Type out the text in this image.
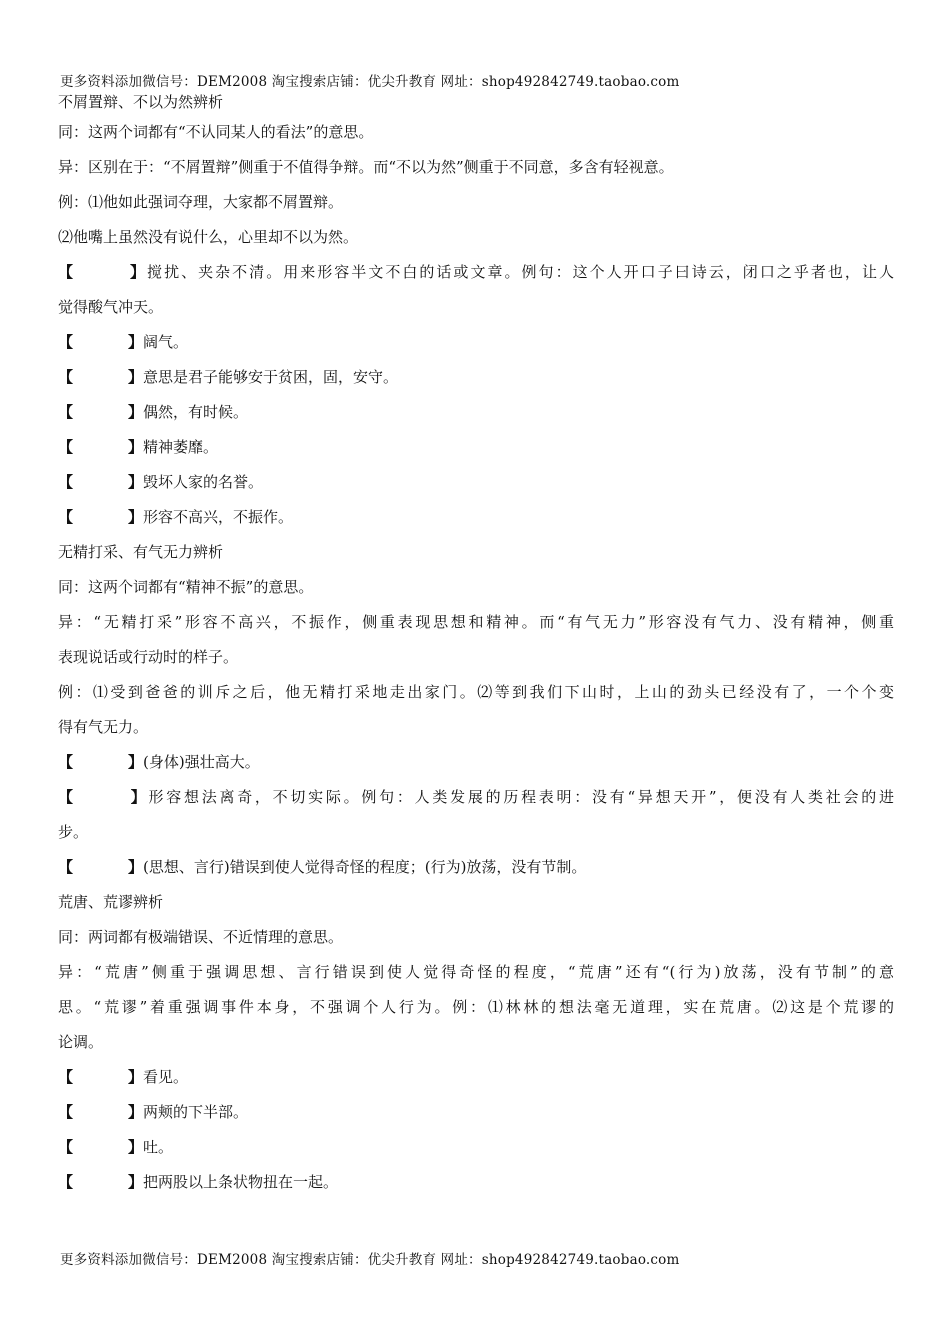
更多资料添加微信号：DEM2008 淘宝搜索店铺：优尖升教育 网址：shop492842749.taobao.com
不屑置辩、不以为然辨析
同：这两个词都有“不认同某人的看法”的意思。
异：区别在于：“不屑置辩”侧重于不值得争辩。而“不以为然”侧重于不同意，多含有轻视意。
例：⑴他如此强词夺理，大家都不屑置辩。
⑵他嘴上虽然没有说什么，心里却不以为然。
【	】搅扰、夹杂不清。用来形容半文不白的话或文章。例句：这个人开口子曰诗云，闭口之乎者也，让人
觉得酸气冲天。
【	】阔气。
【	】意思是君子能够安于贫困，固，安守。
【	】偶然，有时候。
【	】精神萎靡。
【	】毁坏人家的名誉。
【	】形容不高兴，不振作。
无精打采、有气无力辨析
同：这两个词都有“精神不振”的意思。
异：“无精打采”形容不高兴，不振作，侧重表现思想和精神。而“有气无力”形容没有气力、没有精神，侧重
表现说话或行动时的样子。
例：⑴受到爸爸的训斥之后，他无精打采地走出家门。⑵等到我们下山时，上山的劲头已经没有了，一个个变
得有气无力。
【	】(身体)强壮高大。
【	】形容想法离奇，不切实际。例句：人类发展的历程表明：没有“异想天开”，便没有人类社会的进
步。
【	】(思想、言行)错误到使人觉得奇怪的程度；(行为)放荡，没有节制。
荒唐、荒谬辨析
同：两词都有极端错误、不近情理的意思。
异：“荒唐”侧重于强调思想、言行错误到使人觉得奇怪的程度，“荒唐”还有“(行为)放荡，没有节制”的意
思。“荒谬”着重强调事件本身，不强调个人行为。例：⑴林林的想法毫无道理，实在荒唐。⑵这是个荒谬的
论调。
【	】看见。
【	】两颊的下半部。
【	】吐。
【	】把两股以上条状物扭在一起。
更多资料添加微信号：DEM2008 淘宝搜索店铺：优尖升教育 网址：shop492842749.taobao.com
